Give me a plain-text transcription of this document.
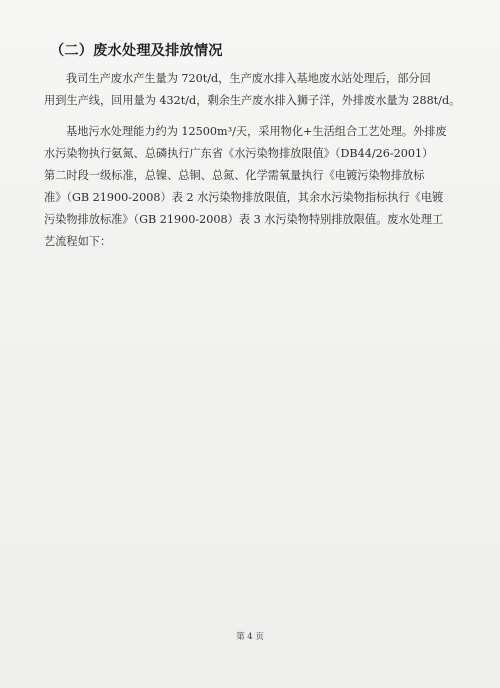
（二）废水处理及排放情况
我司生产废水产生量为 720t/d，生产废水排入基地废水站处理后，部分回
用到生产线，回用量为 432t/d，剩余生产废水排入狮子洋，外排废水量为 288t/d。
基地污水处理能力约为 12500m³/天，采用物化+生活组合工艺处理。外排废
水污染物执行氨氮、总磷执行广东省《水污染物排放限值》（DB44/26-2001）
第二时段一级标准，总镍、总铜、总氮、化学需氧量执行《电镀污染物排放标
准》（GB 21900-2008）表 2 水污染物排放限值，其余水污染物指标执行《电镀
污染物排放标准》（GB 21900-2008）表 3 水污染物特别排放限值。废水处理工
艺流程如下：
第 4 页
